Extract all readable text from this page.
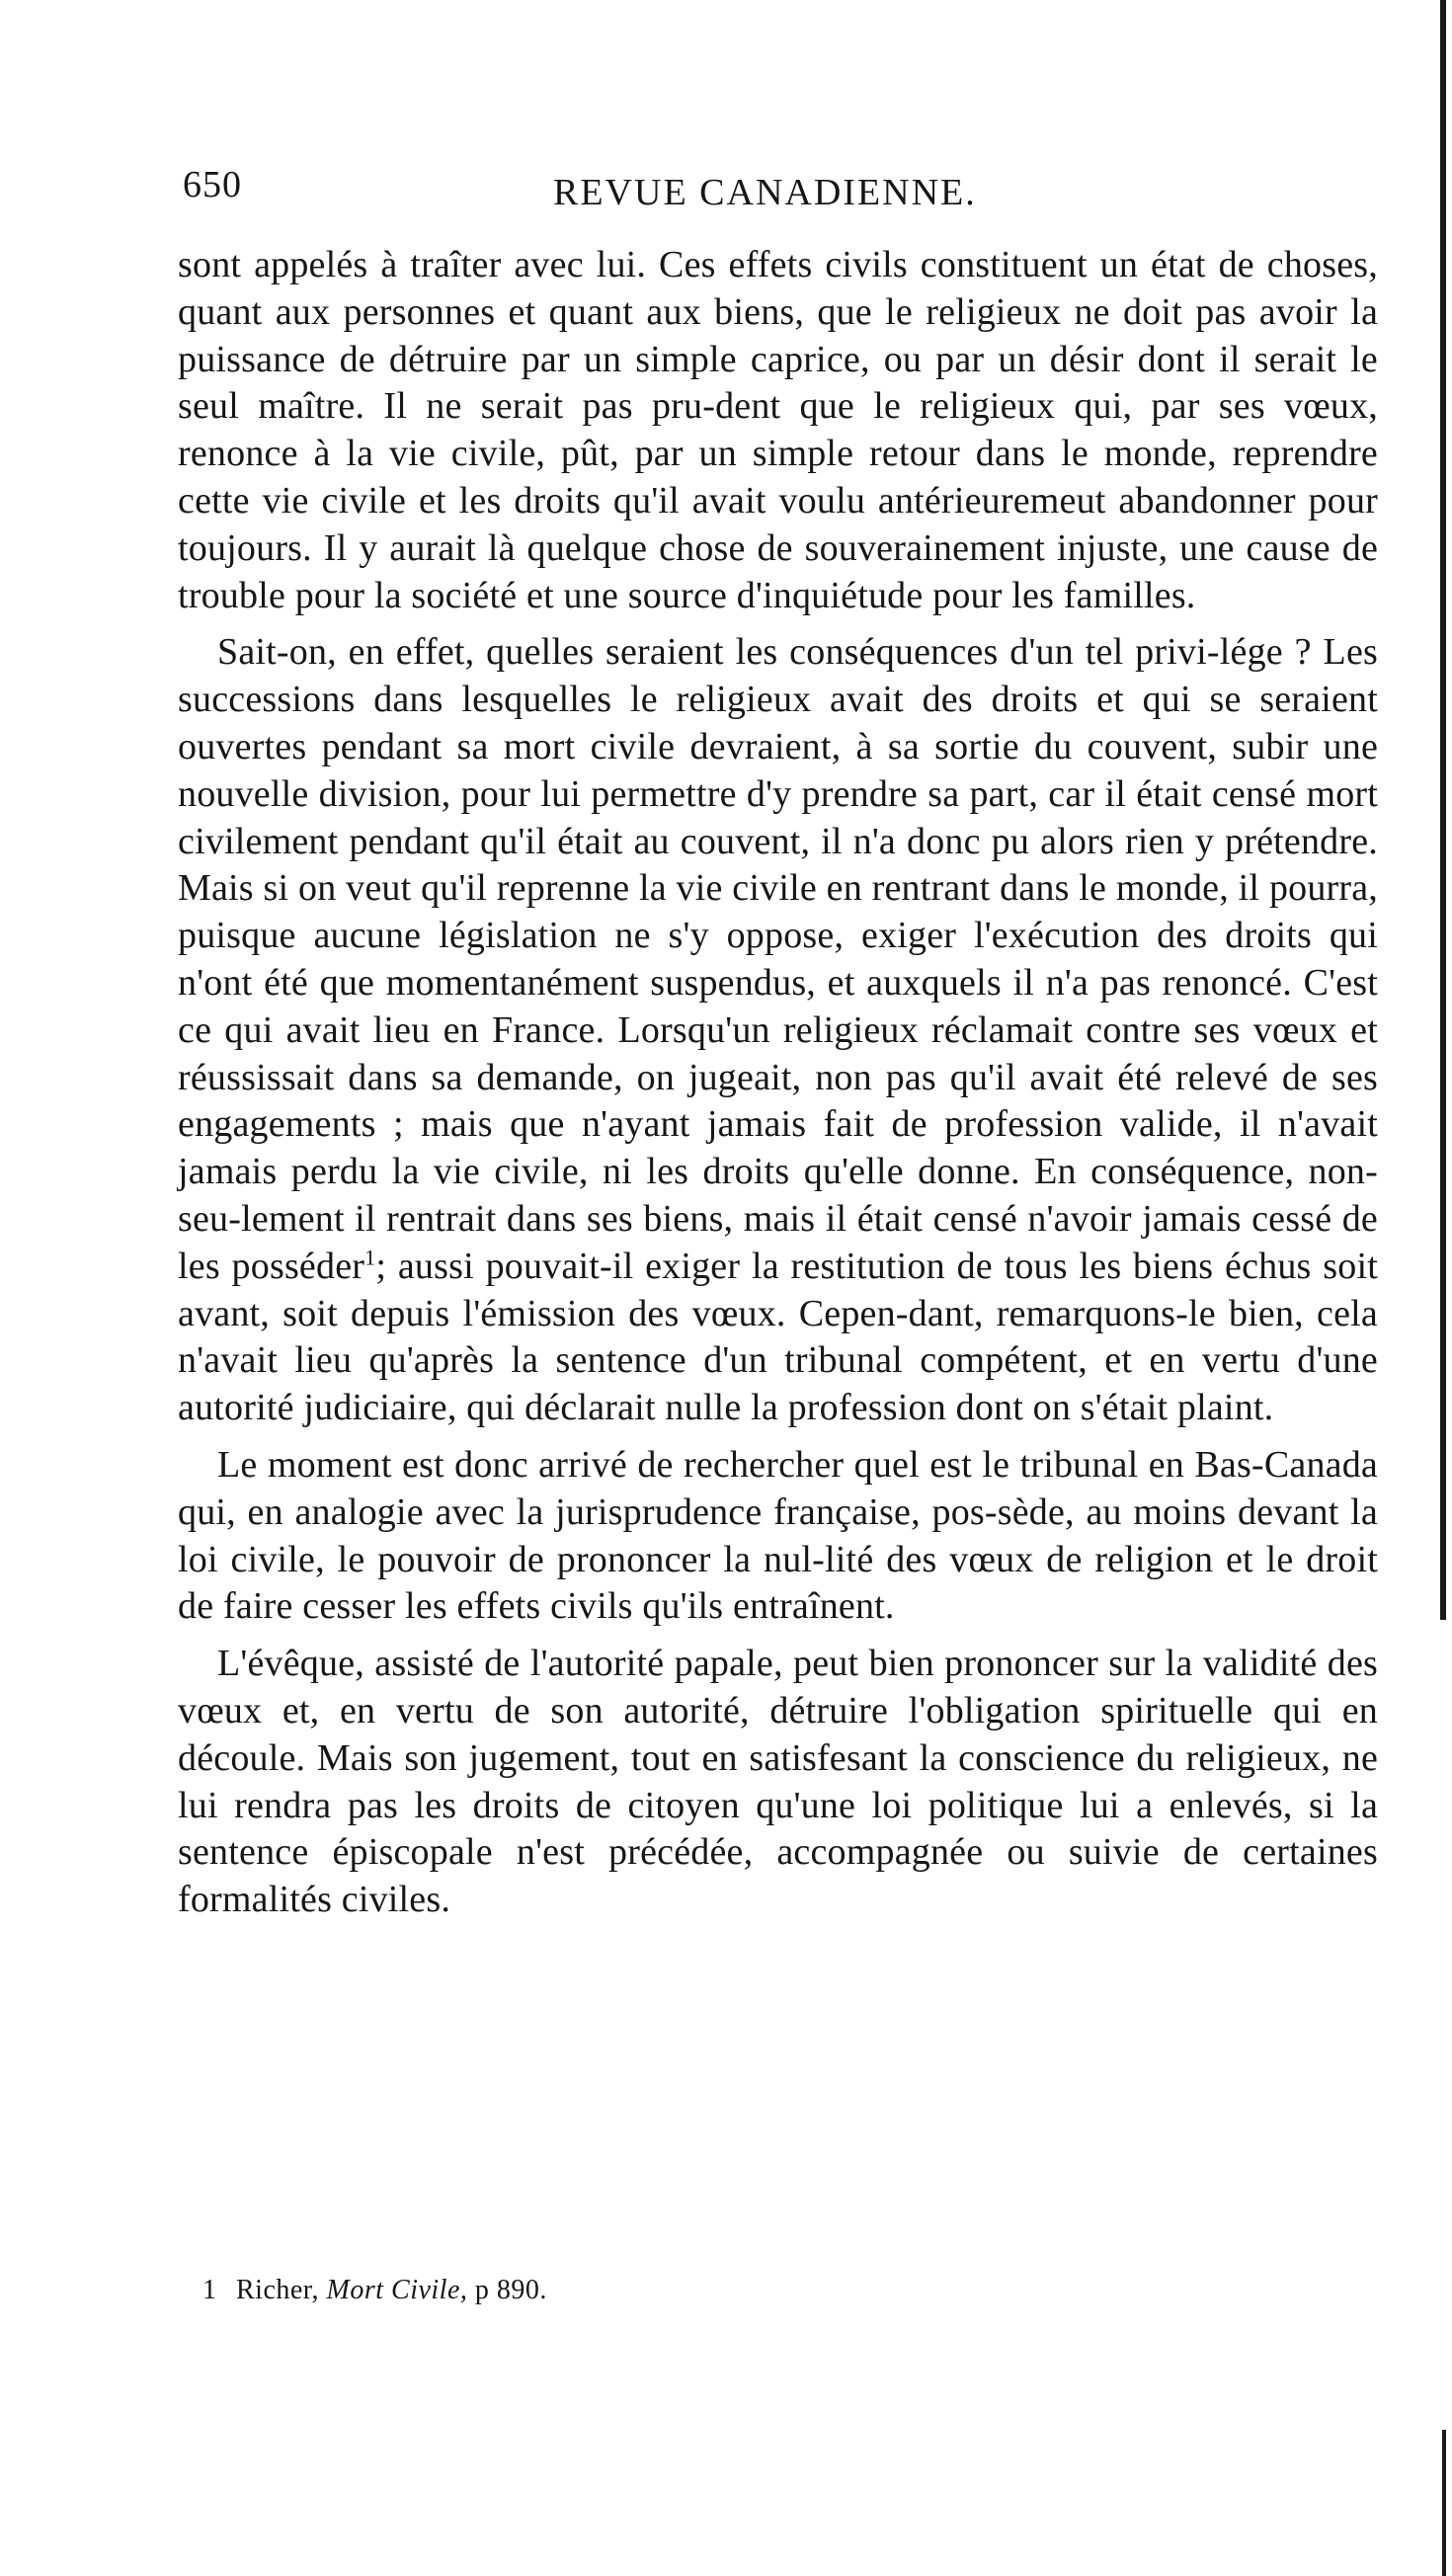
650	REVUE CANADIENNE.

sont appelés à traîter avec lui. Ces effets civils constituent un état de choses, quant aux personnes et quant aux biens, que le religieux ne doit pas avoir la puissance de détruire par un simple caprice, ou par un désir dont il serait le seul maître. Il ne serait pas pru-dent que le religieux qui, par ses vœux, renonce à la vie civile, pût, par un simple retour dans le monde, reprendre cette vie civile et les droits qu'il avait voulu antérieuremeut abandonner pour toujours. Il y aurait là quelque chose de souverainement injuste, une cause de trouble pour la société et une source d'inquiétude pour les familles.

Sait-on, en effet, quelles seraient les conséquences d'un tel privi-lége ? Les successions dans lesquelles le religieux avait des droits et qui se seraient ouvertes pendant sa mort civile devraient, à sa sortie du couvent, subir une nouvelle division, pour lui permettre d'y prendre sa part, car il était censé mort civilement pendant qu'il était au couvent, il n'a donc pu alors rien y prétendre. Mais si on veut qu'il reprenne la vie civile en rentrant dans le monde, il pourra, puisque aucune législation ne s'y oppose, exiger l'exécution des droits qui n'ont été que momentanément suspendus, et auxquels il n'a pas renoncé. C'est ce qui avait lieu en France. Lorsqu'un religieux réclamait contre ses vœux et réussissait dans sa demande, on jugeait, non pas qu'il avait été relevé de ses engagements ; mais que n'ayant jamais fait de profession valide, il n'avait jamais perdu la vie civile, ni les droits qu'elle donne. En conséquence, non-seu-lement il rentrait dans ses biens, mais il était censé n'avoir jamais cessé de les posséder$^1$; aussi pouvait-il exiger la restitution de tous les biens échus soit avant, soit depuis l'émission des vœux. Cepen-dant, remarquons-le bien, cela n'avait lieu qu'après la sentence d'un tribunal compétent, et en vertu d'une autorité judiciaire, qui déclarait nulle la profession dont on s'était plaint.

Le moment est donc arrivé de rechercher quel est le tribunal en Bas-Canada qui, en analogie avec la jurisprudence française, pos-sède, au moins devant la loi civile, le pouvoir de prononcer la nul-lité des vœux de religion et le droit de faire cesser les effets civils qu'ils entraînent.

L'évêque, assisté de l'autorité papale, peut bien prononcer sur la validité des vœux et, en vertu de son autorité, détruire l'obligation spirituelle qui en découle. Mais son jugement, tout en satisfesant la conscience du religieux, ne lui rendra pas les droits de citoyen qu'une loi politique lui a enlevés, si la sentence épiscopale n'est précédée, accompagnée ou suivie de certaines formalités civiles.

1 Richer, Mort Civile, p 890.
